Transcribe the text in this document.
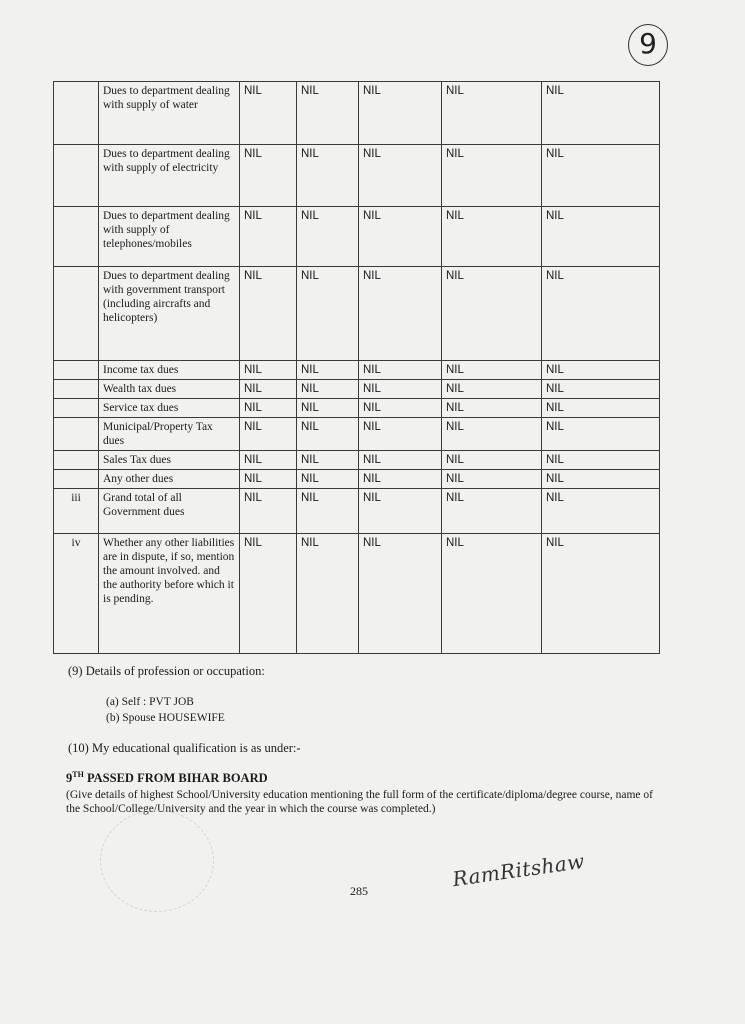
9
	Dues to department dealing with supply of water	NIL	NIL	NIL	NIL	NIL
	Dues to department dealing with supply of electricity	NIL	NIL	NIL	NIL	NIL
	Dues to department dealing with supply of telephones/mobiles	NIL	NIL	NIL	NIL	NIL
	Dues to department dealing with government transport (including aircrafts and helicopters)	NIL	NIL	NIL	NIL	NIL
	Income tax dues	NIL	NIL	NIL	NIL	NIL
	Wealth tax dues	NIL	NIL	NIL	NIL	NIL
	Service tax dues	NIL	NIL	NIL	NIL	NIL
	Municipal/Property Tax dues	NIL	NIL	NIL	NIL	NIL
	Sales Tax dues	NIL	NIL	NIL	NIL	NIL
	Any other dues	NIL	NIL	NIL	NIL	NIL
iii	Grand total of all Government dues	NIL	NIL	NIL	NIL	NIL
iv	Whether any other liabilities are in dispute, if so, mention the amount involved. and the authority before which it is pending.	NIL	NIL	NIL	NIL	NIL
(9) Details of profession or occupation:
(a) Self : PVT JOB
(b) Spouse HOUSEWIFE
(10) My educational qualification is as under:-
9TH PASSED FROM BIHAR BOARD
(Give details of highest School/University education mentioning the full form of the certificate/diploma/degree course, name of the School/College/University and the year in which the course was completed.)
285	RamRitshaw
